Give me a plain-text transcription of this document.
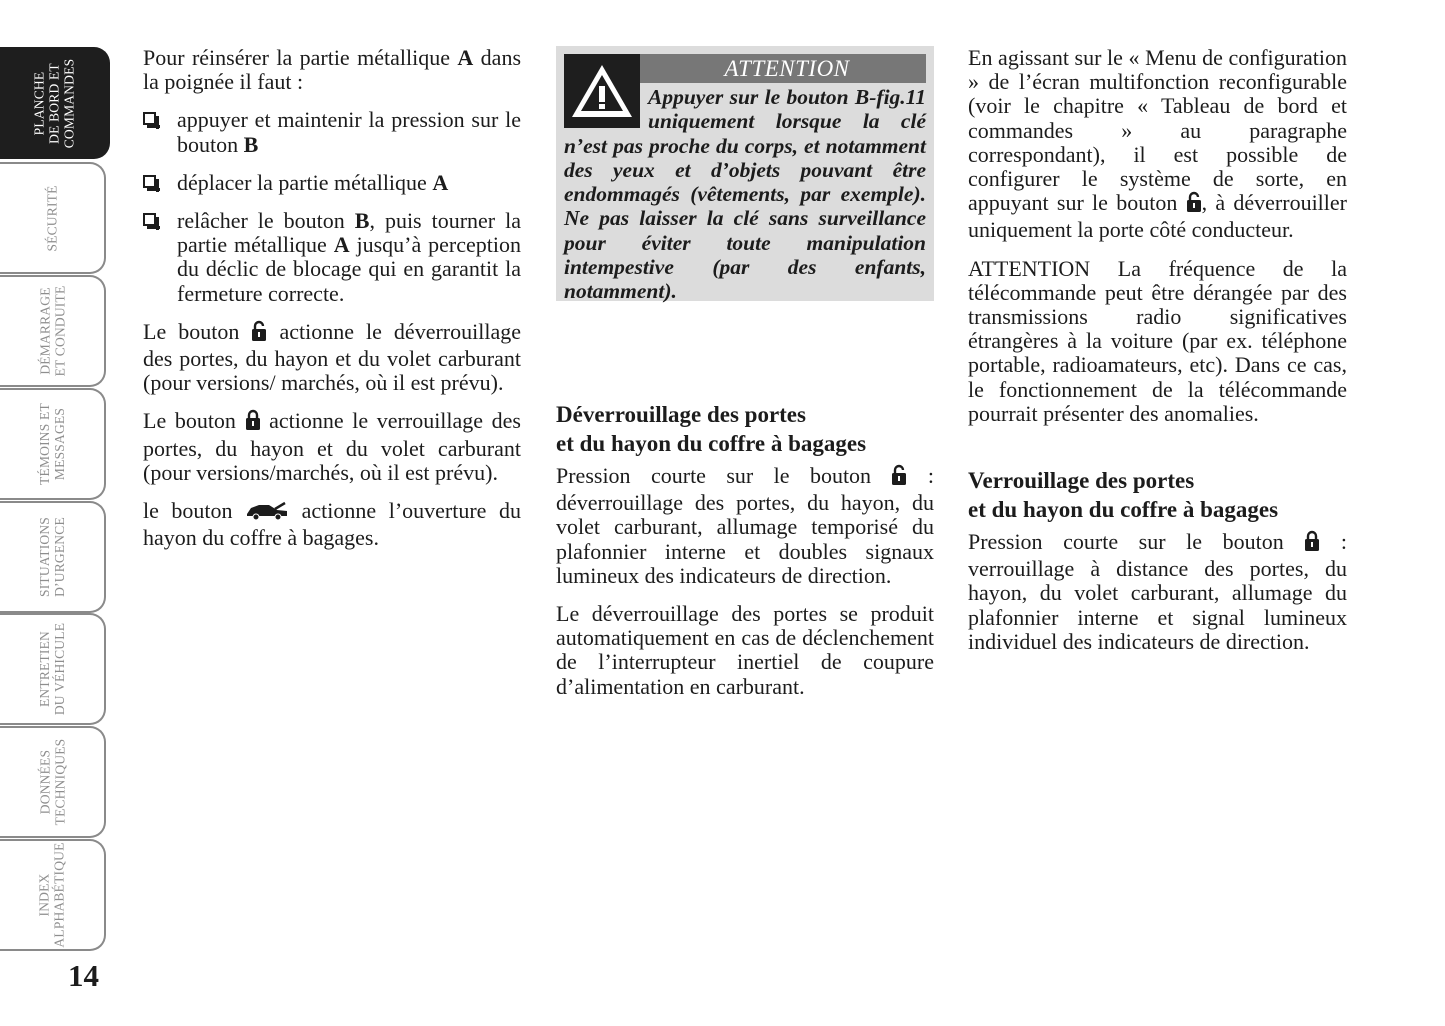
PLANCHE
DE BORD ET
COMMANDES
SÉCURITÉ
DÉMARRAGE
ET CONDUITE
TÉMOINS ET
MESSAGES
SITUATIONS
D’URGENCE
ENTRETIEN
DU VÉHICULE
DONNÉES
TECHNIQUES
INDEX
ALPHABÉTIQUE
14

Pour réinsérer la partie métallique A dans la poignée il faut :

appuyer et maintenir la pression sur le bouton B
déplacer la partie métallique A
relâcher le bouton B, puis tourner la partie métallique A jusqu’à perception du déclic de blocage qui en garantit la fermeture correcte.

Le bouton  actionne le déverrouillage des portes, du hayon et du volet carburant (pour versions/ marchés, où il est prévu).

Le bouton  actionne le verrouillage des portes, du hayon et du volet carburant (pour versions/marchés, où il est prévu).

le bouton  actionne l’ouverture du hayon du coffre à bagages.

ATTENTION
Appuyer sur le bouton B-fig.11 uniquement lorsque la clé n’est pas proche du corps, et notamment des yeux et d’objets pouvant être endommagés (vêtements, par exemple). Ne pas laisser la clé sans surveillance pour éviter toute manipulation intempestive (par des enfants, notamment).
Déverrouillage des portes
et du hayon du coffre à bagages

Pression courte sur le bouton  : déverrouillage des portes, du hayon, du volet carburant, allumage temporisé du plafonnier interne et doubles signaux lumineux des indicateurs de direction.

Le déverrouillage des portes se produit automatiquement en cas de déclenchement de l’interrupteur inertiel de coupure d’alimentation en carburant.

En agissant sur le « Menu de configuration » de l’écran multifonction reconfigurable (voir le chapitre « Tableau de bord et commandes » au paragraphe correspondant), il est possible de configurer le système de sorte, en appuyant sur le bouton , à déverrouiller uniquement la porte côté conducteur.

ATTENTION La fréquence de la télécommande peut être dérangée par des transmissions radio significatives étrangères à la voiture (par ex. téléphone portable, radioamateurs, etc). Dans ce cas, le fonctionnement de la télécommande pourrait présenter des anomalies.

Verrouillage des portes
et du hayon du coffre à bagages

Pression courte sur le bouton  : verrouillage à distance des portes, du hayon, du volet carburant, allumage du plafonnier interne et signal lumineux individuel des indicateurs de direction.
